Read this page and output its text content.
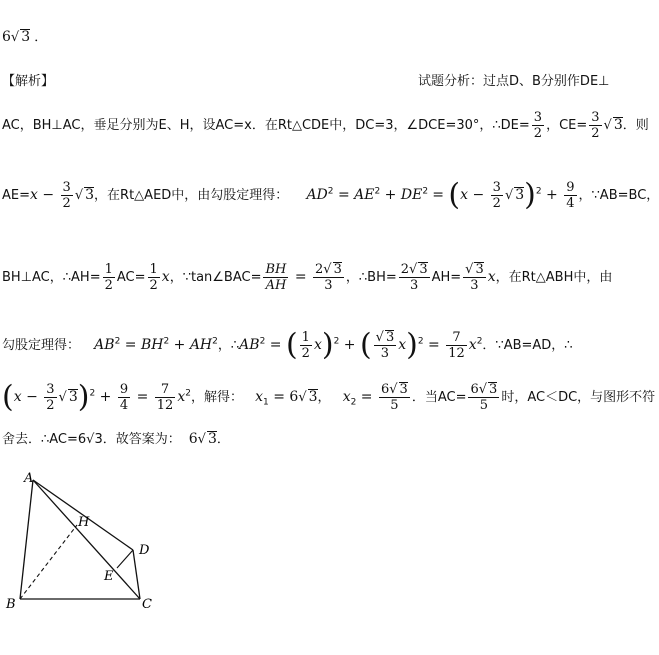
6√ 3 ．
【解析】	试题分析：过点D、B分别作DE⊥
AC，BH⊥AC，垂足分别为E、H，设AC=x．在Rt△CDE中，DC=3，∠DCE=30°，∴DE= $\frac{3}{2}$ ，$CE= \frac{3}{2}$ √ 3．则
$AE=x - \frac{3}{2}$ √ 3，在Rt△AED中，由勾股定理得： $AD^2 = AE^2 + DE^2 = (x - \frac{3}{2}$ √ $3)^2 + \frac{9}{4}$ ，∵AB=BC，
BH⊥AC，∴AH= $\frac{1}{2} AC= \frac{1}{2}$ x，∵tan∠BAC= $\frac{BH}{AH} = \frac{2√ 3}{3}$ ，∴BH= $\frac{2√ 3}{3} AH= \frac{√ 3}{3}$ x，在Rt△ABH中，由
勾股定理得： $AB^2 = BH^2 + AH^2$，$\therefore AB^2$ = ( $\frac{1}{2} x)^2$ + ( $\frac{√ 3}{3} x)^2 = \frac{7}{12} x^2$．∵AB=AD，∴
($x - \frac{3}{2}$ √ $3)^2 + \frac{9}{4} = \frac{7}{12} x^2$，解得： $x_1 = 6√$ 3， $x_2 = \frac{6√ 3}{5}$ ．当$AC= \frac{6√ 3}{5}$ 时，AC＜DC，与图形不符
舍去．∴AC=6√3．故答案为： 6√ 3．
A
B	C
D
E
H
